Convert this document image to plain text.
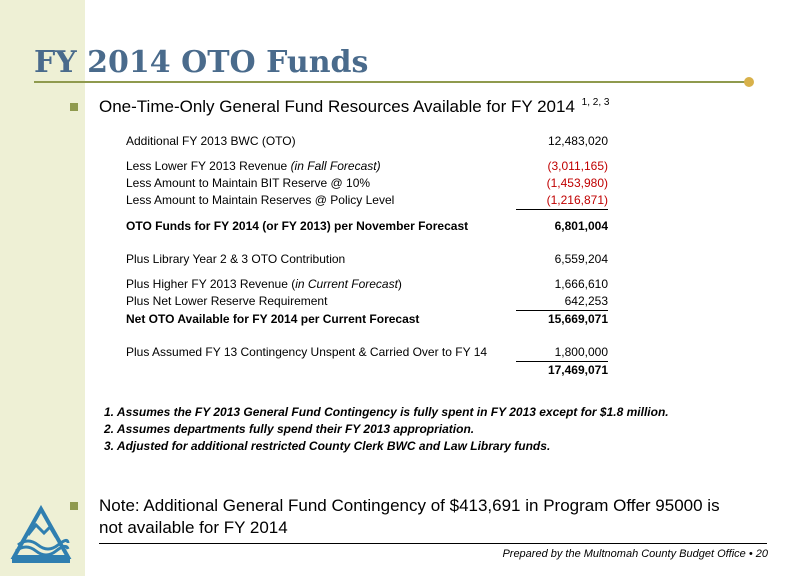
FY 2014 OTO Funds
One-Time-Only General Fund Resources Available for FY 2014 $^{1, 2, 3}$
Additional FY 2013 BWC (OTO)	12,483,020

Less Lower FY 2013 Revenue (in Fall Forecast)	(3,011,165)
Less Amount to Maintain BIT Reserve @ 10%	(1,453,980)
Less Amount to Maintain Reserves @ Policy Level	(1,216,871)

OTO Funds for FY 2014 (or FY 2013) per November Forecast	6,801,004

Plus Library Year 2 & 3 OTO Contribution	6,559,204

Plus Higher FY 2013 Revenue (in Current Forecast)	1,666,610
Plus Net Lower Reserve Requirement	642,253
Net OTO Available for FY 2014 per Current Forecast	15,669,071

Plus Assumed FY 13 Contingency Unspent & Carried Over to FY 14	1,800,000
	17,469,071
1. Assumes the FY 2013 General Fund Contingency is fully spent in FY 2013 except for $1.8 million.
2. Assumes departments fully spend their FY 2013 appropriation.
3. Adjusted for additional restricted County Clerk BWC and Law Library funds.
Note: Additional General Fund Contingency of $413,691 in Program Offer 95000 is not available for FY 2014
Prepared by the Multnomah County Budget Office • 20
